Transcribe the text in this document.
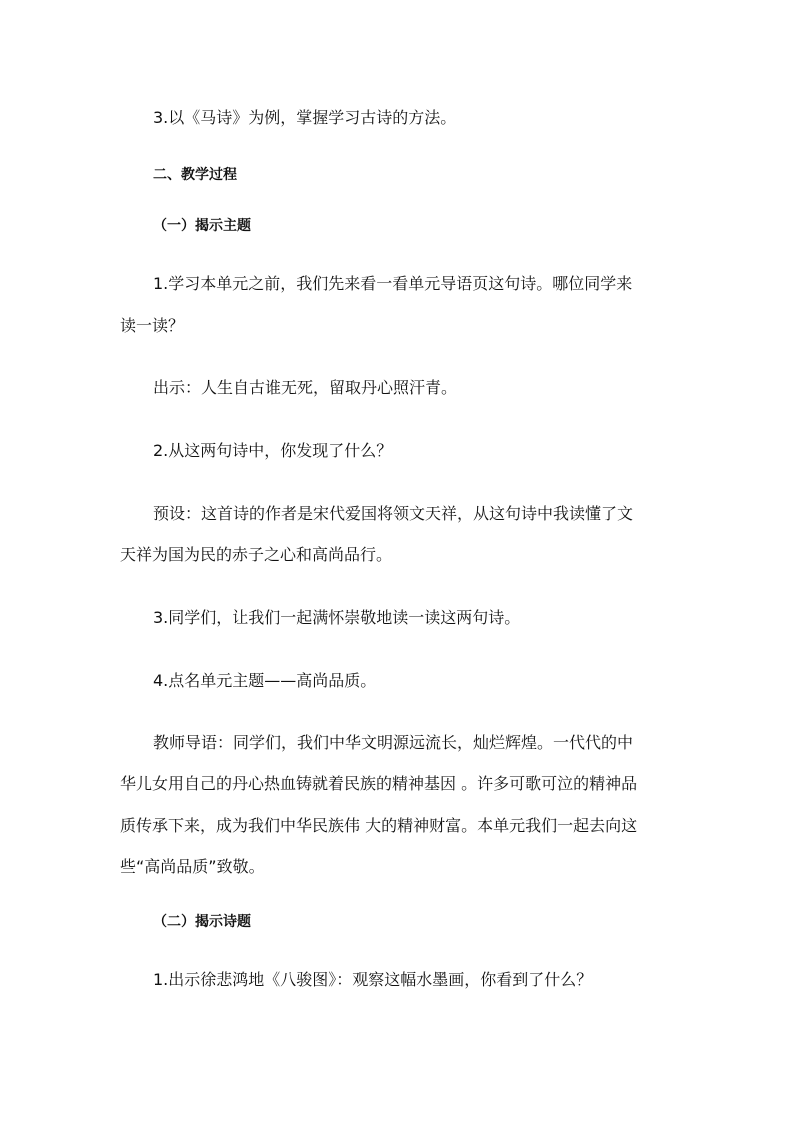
3.以《马诗》为例，掌握学习古诗的方法。
二、教学过程
（一）揭示主题
1.学习本单元之前，我们先来看一看单元导语页这句诗。哪位同学来
读一读？
出示：人生自古谁无死，留取丹心照汗青。
2.从这两句诗中，你发现了什么？
预设：这首诗的作者是宋代爱国将领文天祥，从这句诗中我读懂了文
天祥为国为民的赤子之心和高尚品行。
3.同学们，让我们一起满怀崇敬地读一读这两句诗。
4.点名单元主题——高尚品质。
教师导语：同学们，我们中华文明源远流长，灿烂辉煌。一代代的中
华儿女用自己的丹心热血铸就着民族的精神基因 。许多可歌可泣的精神品
质传承下来，成为我们中华民族伟 大的精神财富。本单元我们一起去向这
些“高尚品质”致敬。
（二）揭示诗题
1.出示徐悲鸿地《八骏图》：观察这幅水墨画，你看到了什么？
